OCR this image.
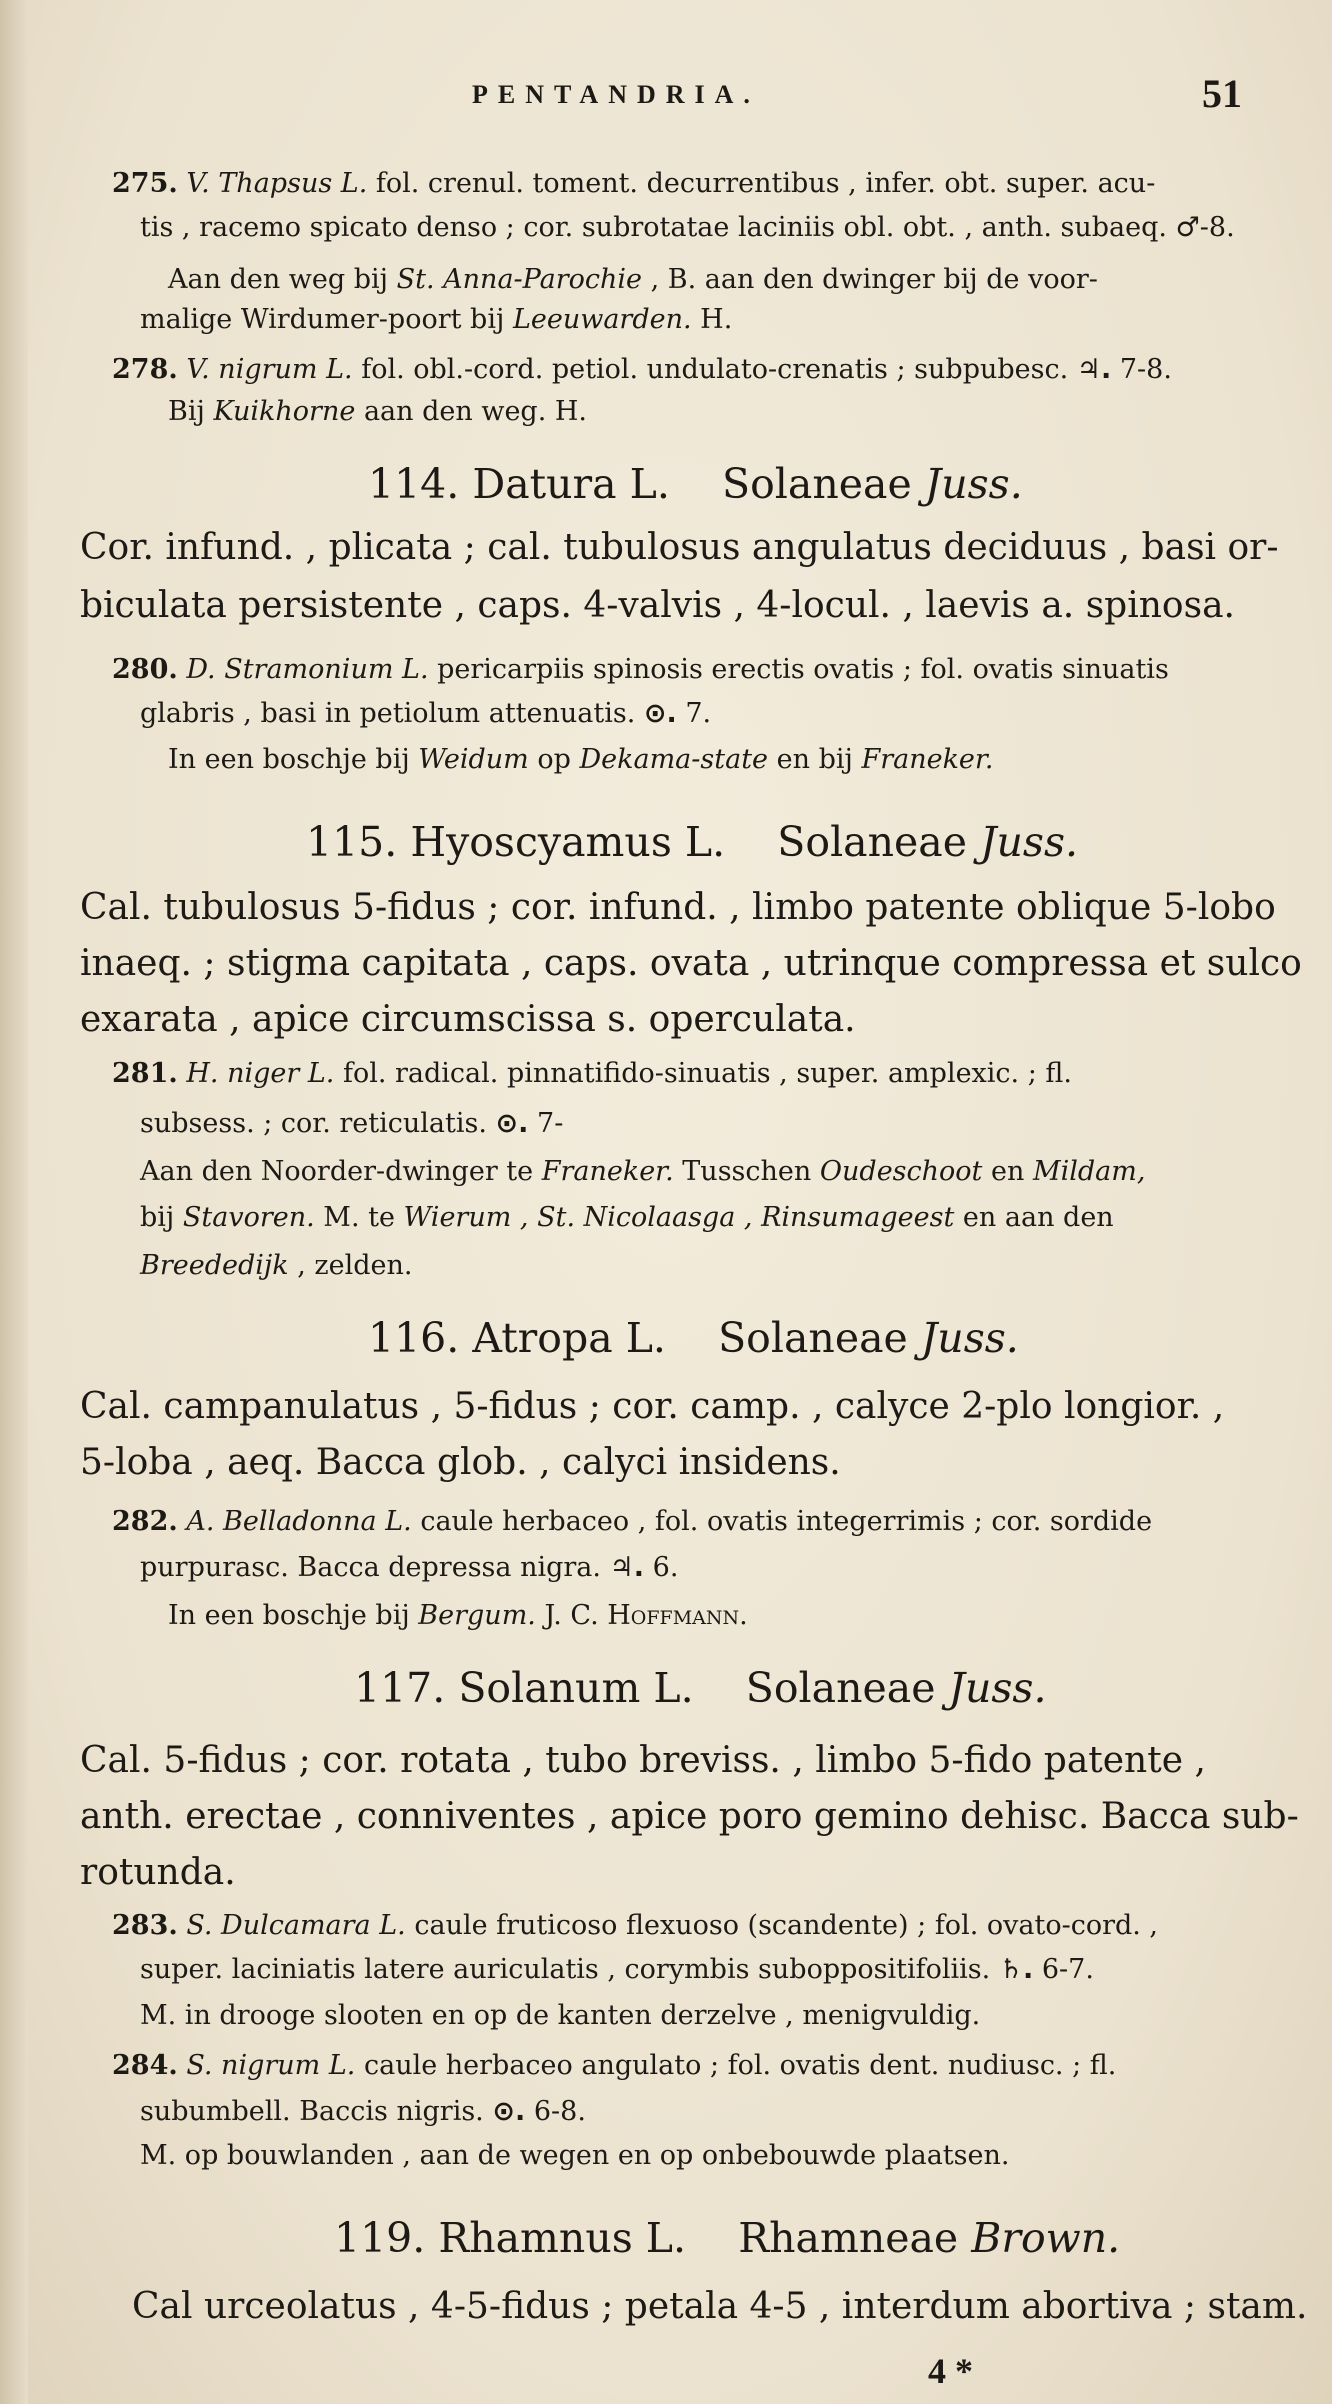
PENTANDRIA.	51
275. V. Thapsus L. fol. crenul. toment. decurrentibus , infer. obt. super. acu-
tis , racemo spicato denso ; cor. subrotatae laciniis obl. obt. , anth. subaeq. ♂-8.
Aan den weg bij St. Anna-Parochie , B. aan den dwinger bij de voor-
malige Wirdumer-poort bij Leeuwarden. H.
278. V. nigrum L. fol. obl.-cord. petiol. undulato-crenatis ; subpubesc. ♃. 7-8.
Bij Kuikhorne aan den weg. H.
114. Datura L. Solaneae Juss.
Cor. infund. , plicata ; cal. tubulosus angulatus deciduus , basi or-
biculata persistente , caps. 4-valvis , 4-locul. , laevis a. spinosa.
280. D. Stramonium L. pericarpiis spinosis erectis ovatis ; fol. ovatis sinuatis
glabris , basi in petiolum attenuatis. ⊙. 7.
In een boschje bij Weidum op Dekama-state en bij Franeker.
115. Hyoscyamus L. Solaneae Juss.
Cal. tubulosus 5-fidus ; cor. infund. , limbo patente oblique 5-lobo
inaeq. ; stigma capitata , caps. ovata , utrinque compressa et sulco
exarata , apice circumscissa s. operculata.
281. H. niger L. fol. radical. pinnatifido-sinuatis , super. amplexic. ; fl.
subsess. ; cor. reticulatis. ⊙. 7-
Aan den Noorder-dwinger te Franeker. Tusschen Oudeschoot en Mildam,
bij Stavoren. M. te Wierum , St. Nicolaasga , Rinsumageest en aan den
Breededijk , zelden.
116. Atropa L. Solaneae Juss.
Cal. campanulatus , 5-fidus ; cor. camp. , calyce 2-plo longior. ,
5-loba , aeq. Bacca glob. , calyci insidens.
282. A. Belladonna L. caule herbaceo , fol. ovatis integerrimis ; cor. sordide
purpurasc. Bacca depressa nigra. ♃. 6.
In een boschje bij Bergum. J. C. Hoffmann.
117. Solanum L. Solaneae Juss.
Cal. 5-fidus ; cor. rotata , tubo breviss. , limbo 5-fido patente ,
anth. erectae , conniventes , apice poro gemino dehisc. Bacca sub-
rotunda.
283. S. Dulcamara L. caule fruticoso flexuoso (scandente) ; fol. ovato-cord. ,
super. laciniatis latere auriculatis , corymbis suboppositifoliis. ♄. 6-7.
M. in drooge slooten en op de kanten derzelve , menigvuldig.
284. S. nigrum L. caule herbaceo angulato ; fol. ovatis dent. nudiusc. ; fl.
subumbell. Baccis nigris. ⊙. 6-8.
M. op bouwlanden , aan de wegen en op onbebouwde plaatsen.
119. Rhamnus L. Rhamneae Brown.
Cal urceolatus , 4-5-fidus ; petala 4-5 , interdum abortiva ; stam.
4 *
